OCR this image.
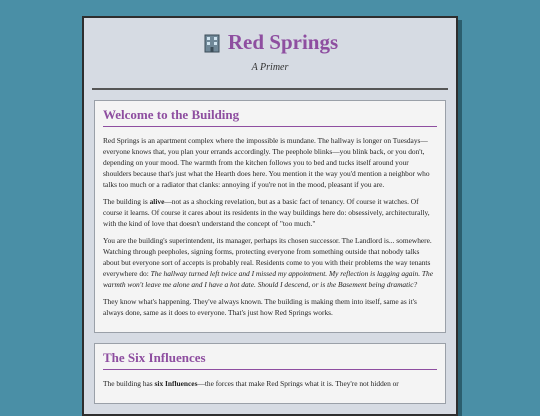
Red Springs
A Primer
Welcome to the Building

Red Springs is an apartment complex where the impossible is mundane. The hallway is longer on Tuesdays—everyone knows that, you plan your errands accordingly. The peephole blinks—you blink back, or you don't, depending on your mood. The warmth from the kitchen follows you to bed and tucks itself around your shoulders because that's just what the Hearth does here. You mention it the way you'd mention a neighbor who talks too much or a radiator that clanks: annoying if you're not in the mood, pleasant if you are.

The building is alive—not as a shocking revelation, but as a basic fact of tenancy. Of course it watches. Of course it learns. Of course it cares about its residents in the way buildings here do: obsessively, architecturally, with the kind of love that doesn't understand the concept of "too much."

You are the building's superintendent, its manager, perhaps its chosen successor. The Landlord is... somewhere. Watching through peepholes, signing forms, protecting everyone from something outside that nobody talks about but everyone sort of accepts is probably real. Residents come to you with their problems the way tenants everywhere do: The hallway turned left twice and I missed my appointment. My reflection is lagging again. The warmth won't leave me alone and I have a hot date. Should I descend, or is the Basement being dramatic?

They know what's happening. They've always known. The building is making them into itself, same as it's always done, same as it does to everyone. That's just how Red Springs works.

The Six Influences

The building has six Influences—the forces that make Red Springs what it is. They're not hidden or
